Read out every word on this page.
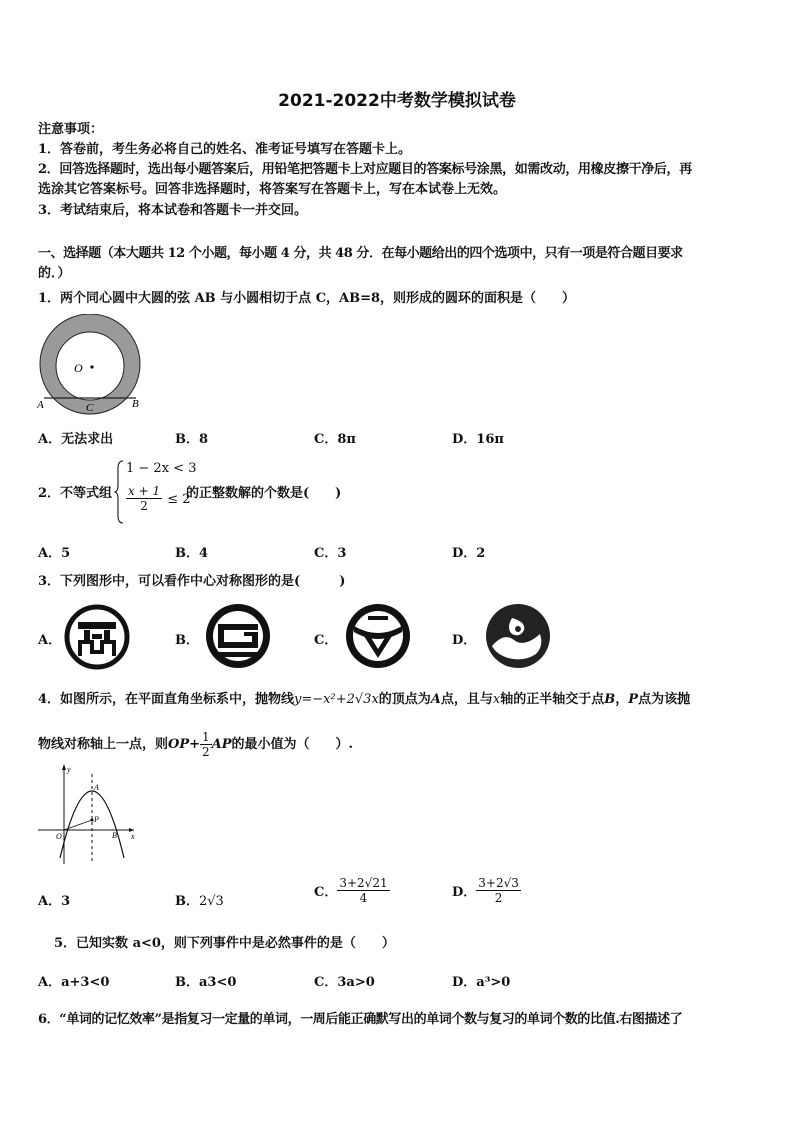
2021-2022中考数学模拟试卷
注意事项：
1．答卷前，考生务必将自己的姓名、准考证号填写在答题卡上。
2．回答选择题时，选出每小题答案后，用铅笔把答题卡上对应题目的答案标号涂黑，如需改动，用橡皮擦干净后，再
选涂其它答案标号。回答非选择题时，将答案写在答题卡上，写在本试卷上无效。
3．考试结束后，将本试卷和答题卡一并交回。
一、选择题（本大题共 12 个小题，每小题 4 分，共 48 分．在每小题给出的四个选项中，只有一项是符合题目要求
的．）
1．两个同心圆中大圆的弦 AB 与小圆相切于点 C，AB=8，则形成的圆环的面积是（　　）
O
A	C	B
A．无法求出	B．8	C．8π	D．16π
2．不等式组
1 − 2x < 3
$\frac{x + 1}{2} \le 2$
的正整数解的个数是(　　)
A．5	B．4	C．3	D．2
3．下列图形中，可以看作中心对称图形的是(　　　)
A．	B．	C．	D．
4．如图所示，在平面直角坐标系中，抛物线y=−x²+2√3x的顶点为A点，且与x轴的正半轴交于点B，P点为该抛
物线对称轴上一点，则$OP+ \frac{1}{2}$ AP的最小值为（　　）.
y
x
A
P
O	B
A．3	B．2√3
C． $\frac{3+2√21}{4}$	D． $\frac{3+2√3}{2}$
5．已知实数 a<0，则下列事件中是必然事件的是（　　）
A．a+3<0	B．a3<0	C．3a>0	D．a³>0
6．“单词的记忆效率”是指复习一定量的单词，一周后能正确默写出的单词个数与复习的单词个数的比值.右图描述了
